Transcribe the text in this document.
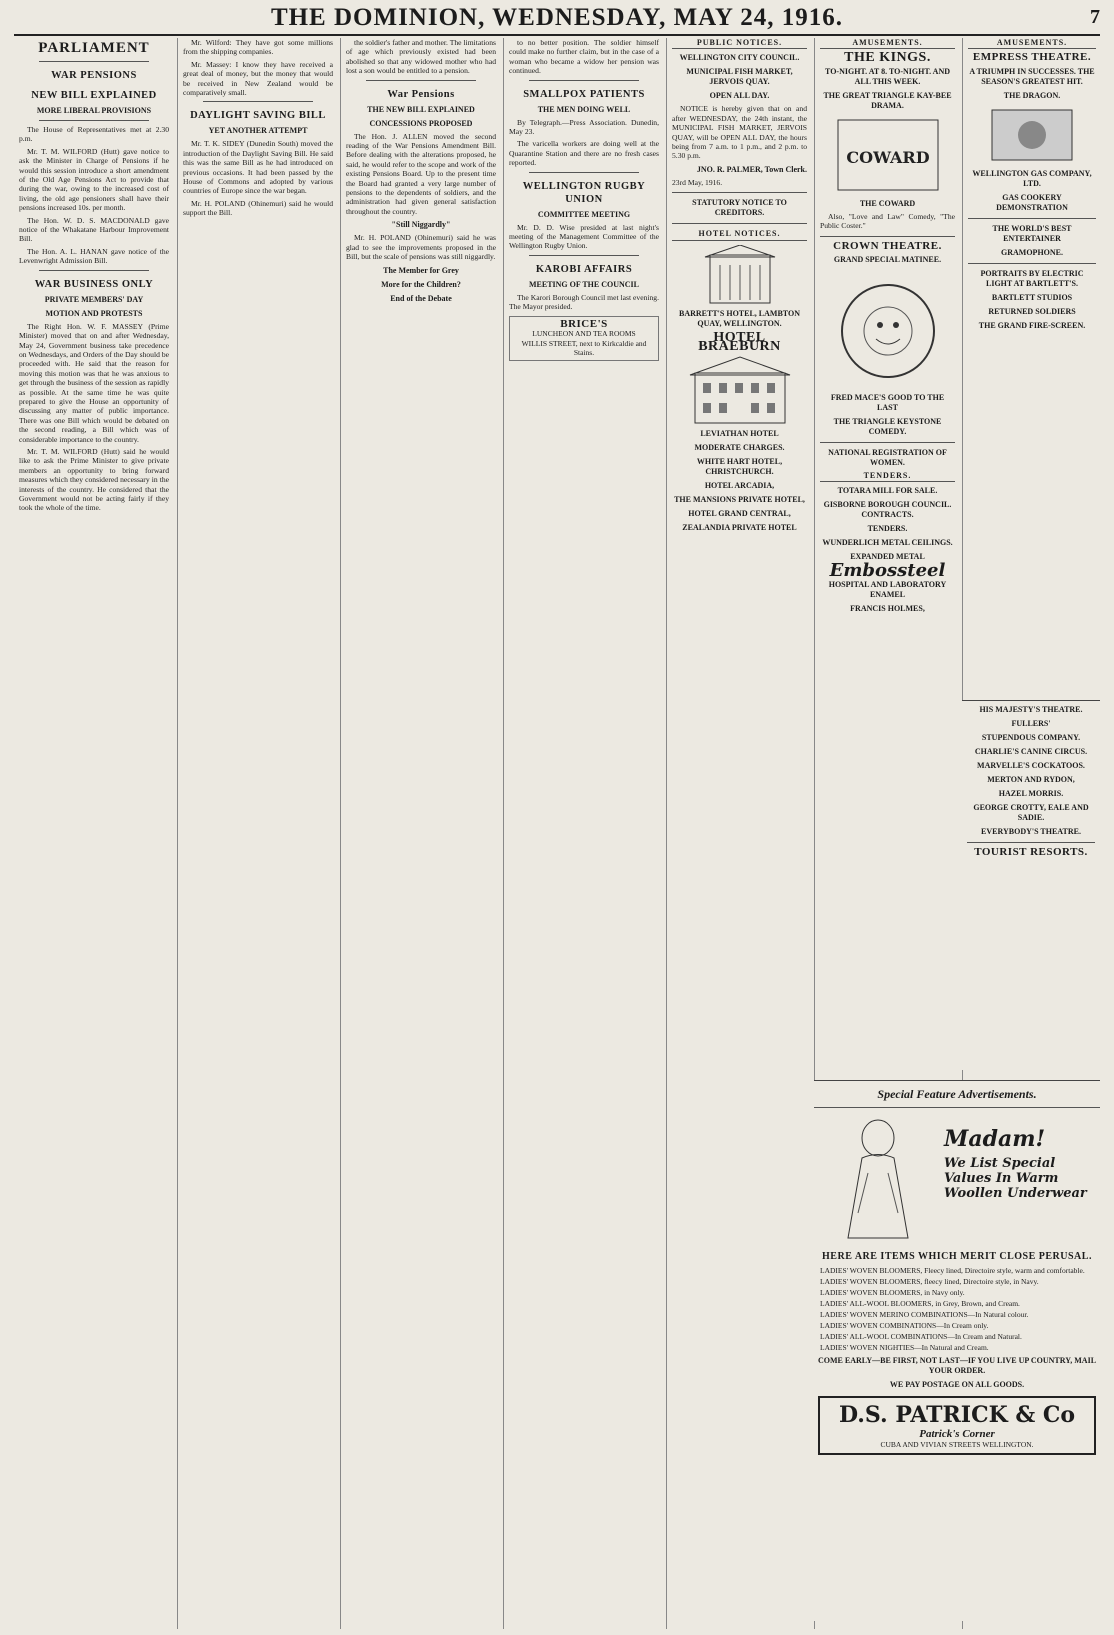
THE DOMINION, WEDNESDAY, MAY 24, 1916.	7
PARLIAMENT
WAR PENSIONS
NEW BILL EXPLAINED
MORE LIBERAL PROVISIONS

The House of Representatives met at 2.30 p.m.

Mr. T. M. WILFORD (Hutt) gave notice to ask the Minister in Charge of Pensions if he would this session introduce a short amendment of the Old Age Pensions Act to provide that during the war, owing to the increased cost of living, the old age pensioners shall have their pensions increased 10s. per month.

The Hon. W. D. S. MACDONALD gave notice of the Whakatane Harbour Improvement Bill.

The Hon. A. L. HANAN gave notice of the Levenwright Admission Bill.

WAR BUSINESS ONLY
PRIVATE MEMBERS' DAY
MOTION AND PROTESTS

The Right Hon. W. F. MASSEY (Prime Minister) moved that on and after Wednesday, May 24, Government business take precedence on Wednesdays, and Orders of the Day should be proceeded with. He said that the reason for moving this motion was that he was anxious to get through the business of the session as rapidly as possible. At the same time he was quite prepared to give the House an opportunity of discussing any matter of public importance. There was one Bill which would be debated on the second reading, a Bill which was of considerable importance to the country.

Mr. T. M. WILFORD (Hutt) said he would like to ask the Prime Minister to give private members an opportunity to bring forward measures which they considered necessary in the interests of the country. He considered that the Government would not be acting fairly if they took the whole of the time.

Mr. Wilford: They have got some millions from the shipping companies.

Mr. Massey: I know they have received a great deal of money, but the money that would be received in New Zealand would be comparatively small.

DAYLIGHT SAVING BILL
YET ANOTHER ATTEMPT

Mr. T. K. SIDEY (Dunedin South) moved the introduction of the Daylight Saving Bill. He said this was the same Bill as he had introduced on previous occasions. It had been passed by the House of Commons and adopted by various countries of Europe since the war began.

Mr. H. POLAND (Ohinemuri) said he would support the Bill.

the soldier's father and mother. The limitations of age which previously existed had been abolished so that any widowed mother who had lost a son would be entitled to a pension.

War Pensions
THE NEW BILL EXPLAINED
CONCESSIONS PROPOSED

The Hon. J. ALLEN moved the second reading of the War Pensions Amendment Bill. Before dealing with the alterations proposed, he said, he would refer to the scope and work of the existing Pensions Board. Up to the present time the Board had granted a very large number of pensions to the dependents of soldiers, and the administration had given general satisfaction throughout the country.

"Still Niggardly"

Mr. H. POLAND (Ohinemuri) said he was glad to see the improvements proposed in the Bill, but the scale of pensions was still niggardly.

The Member for Grey
More for the Children?
End of the Debate

to no better position. The soldier himself could make no further claim, but in the case of a woman who became a widow her pension was continued.

SMALLPOX PATIENTS
THE MEN DOING WELL

By Telegraph.—Press Association. Dunedin, May 23.

The varicella workers are doing well at the Quarantine Station and there are no fresh cases reported.

WELLINGTON RUGBY UNION
COMMITTEE MEETING

Mr. D. D. Wise presided at last night's meeting of the Management Committee of the Wellington Rugby Union.

KAROBI AFFAIRS
MEETING OF THE COUNCIL

The Karori Borough Council met last evening. The Mayor presided.

BRICE'S
LUNCHEON AND TEA ROOMS
WILLIS STREET, next to Kirkcaldie and Stains.
PUBLIC NOTICES.
WELLINGTON CITY COUNCIL.
MUNICIPAL FISH MARKET, JERVOIS QUAY.
OPEN ALL DAY.

NOTICE is hereby given that on and after WEDNESDAY, the 24th instant, the MUNICIPAL FISH MARKET, JERVOIS QUAY, will be OPEN ALL DAY, the hours being from 7 a.m. to 1 p.m., and 2 p.m. to 5.30 p.m.

JNO. R. PALMER, Town Clerk.
23rd May, 1916.
STATUTORY NOTICE TO CREDITORS.
HOTEL NOTICES.
BARRETT'S HOTEL, LAMBTON QUAY, WELLINGTON.
HOTEL BRAEBURN
LEVIATHAN HOTEL
MODERATE CHARGES.
WHITE HART HOTEL, CHRISTCHURCH.
HOTEL ARCADIA,
THE MANSIONS PRIVATE HOTEL,
HOTEL GRAND CENTRAL,
ZEALANDIA PRIVATE HOTEL
AMUSEMENTS.
THE KINGS.
TO-NIGHT. AT 8. TO-NIGHT. AND ALL THIS WEEK.
THE GREAT TRIANGLE KAY-BEE DRAMA.
COWARD
THE COWARD

Also, "Love and Law" Comedy, "The Public Coster."

CROWN THEATRE.
GRAND SPECIAL MATINEE.
FRED MACE'S GOOD TO THE LAST
THE TRIANGLE KEYSTONE COMEDY.
NATIONAL REGISTRATION OF WOMEN.
TENDERS.
TOTARA MILL FOR SALE.
GISBORNE BOROUGH COUNCIL. CONTRACTS.
TENDERS.
WUNDERLICH METAL CEILINGS.
EXPANDED METAL
Embossteel
HOSPITAL AND LABORATORY ENAMEL
FRANCIS HOLMES,
AMUSEMENTS.
EMPRESS THEATRE.
A TRIUMPH IN SUCCESSES. THE SEASON'S GREATEST HIT.
THE DRAGON.
WELLINGTON GAS COMPANY, LTD.
GAS COOKERY DEMONSTRATION
THE WORLD'S BEST ENTERTAINER
GRAMOPHONE.
PORTRAITS BY ELECTRIC LIGHT AT BARTLETT'S.
BARTLETT STUDIOS
RETURNED SOLDIERS
THE GRAND FIRE-SCREEN.
Special Feature Advertisements.
Madam!
We List Special Values In Warm Woollen Underwear
HERE ARE ITEMS WHICH MERIT CLOSE PERUSAL.
LADIES' WOVEN BLOOMERS, Fleecy lined, Directoire style, warm and comfortable.
LADIES' WOVEN BLOOMERS, fleecy lined, Directoire style, in Navy.
LADIES' WOVEN BLOOMERS, in Navy only.
LADIES' ALL-WOOL BLOOMERS, in Grey, Brown, and Cream.
LADIES' WOVEN MERINO COMBINATIONS—In Natural colour.
LADIES' WOVEN COMBINATIONS—In Cream only.
LADIES' ALL-WOOL COMBINATIONS—In Cream and Natural.
LADIES' WOVEN NIGHTIES—In Natural and Cream.
COME EARLY—BE FIRST, NOT LAST—IF YOU LIVE UP COUNTRY, MAIL YOUR ORDER.
WE PAY POSTAGE ON ALL GOODS.
D.S. PATRICK & Co
Patrick's Corner
CUBA AND VIVIAN STREETS WELLINGTON.
HIS MAJESTY'S THEATRE.
FULLERS'
STUPENDOUS COMPANY.
CHARLIE'S CANINE CIRCUS.
MARVELLE'S COCKATOOS.
MERTON AND RYDON,
HAZEL MORRIS.
GEORGE CROTTY, EALE AND SADIE.
EVERYBODY'S THEATRE.
TOURIST RESORTS.
